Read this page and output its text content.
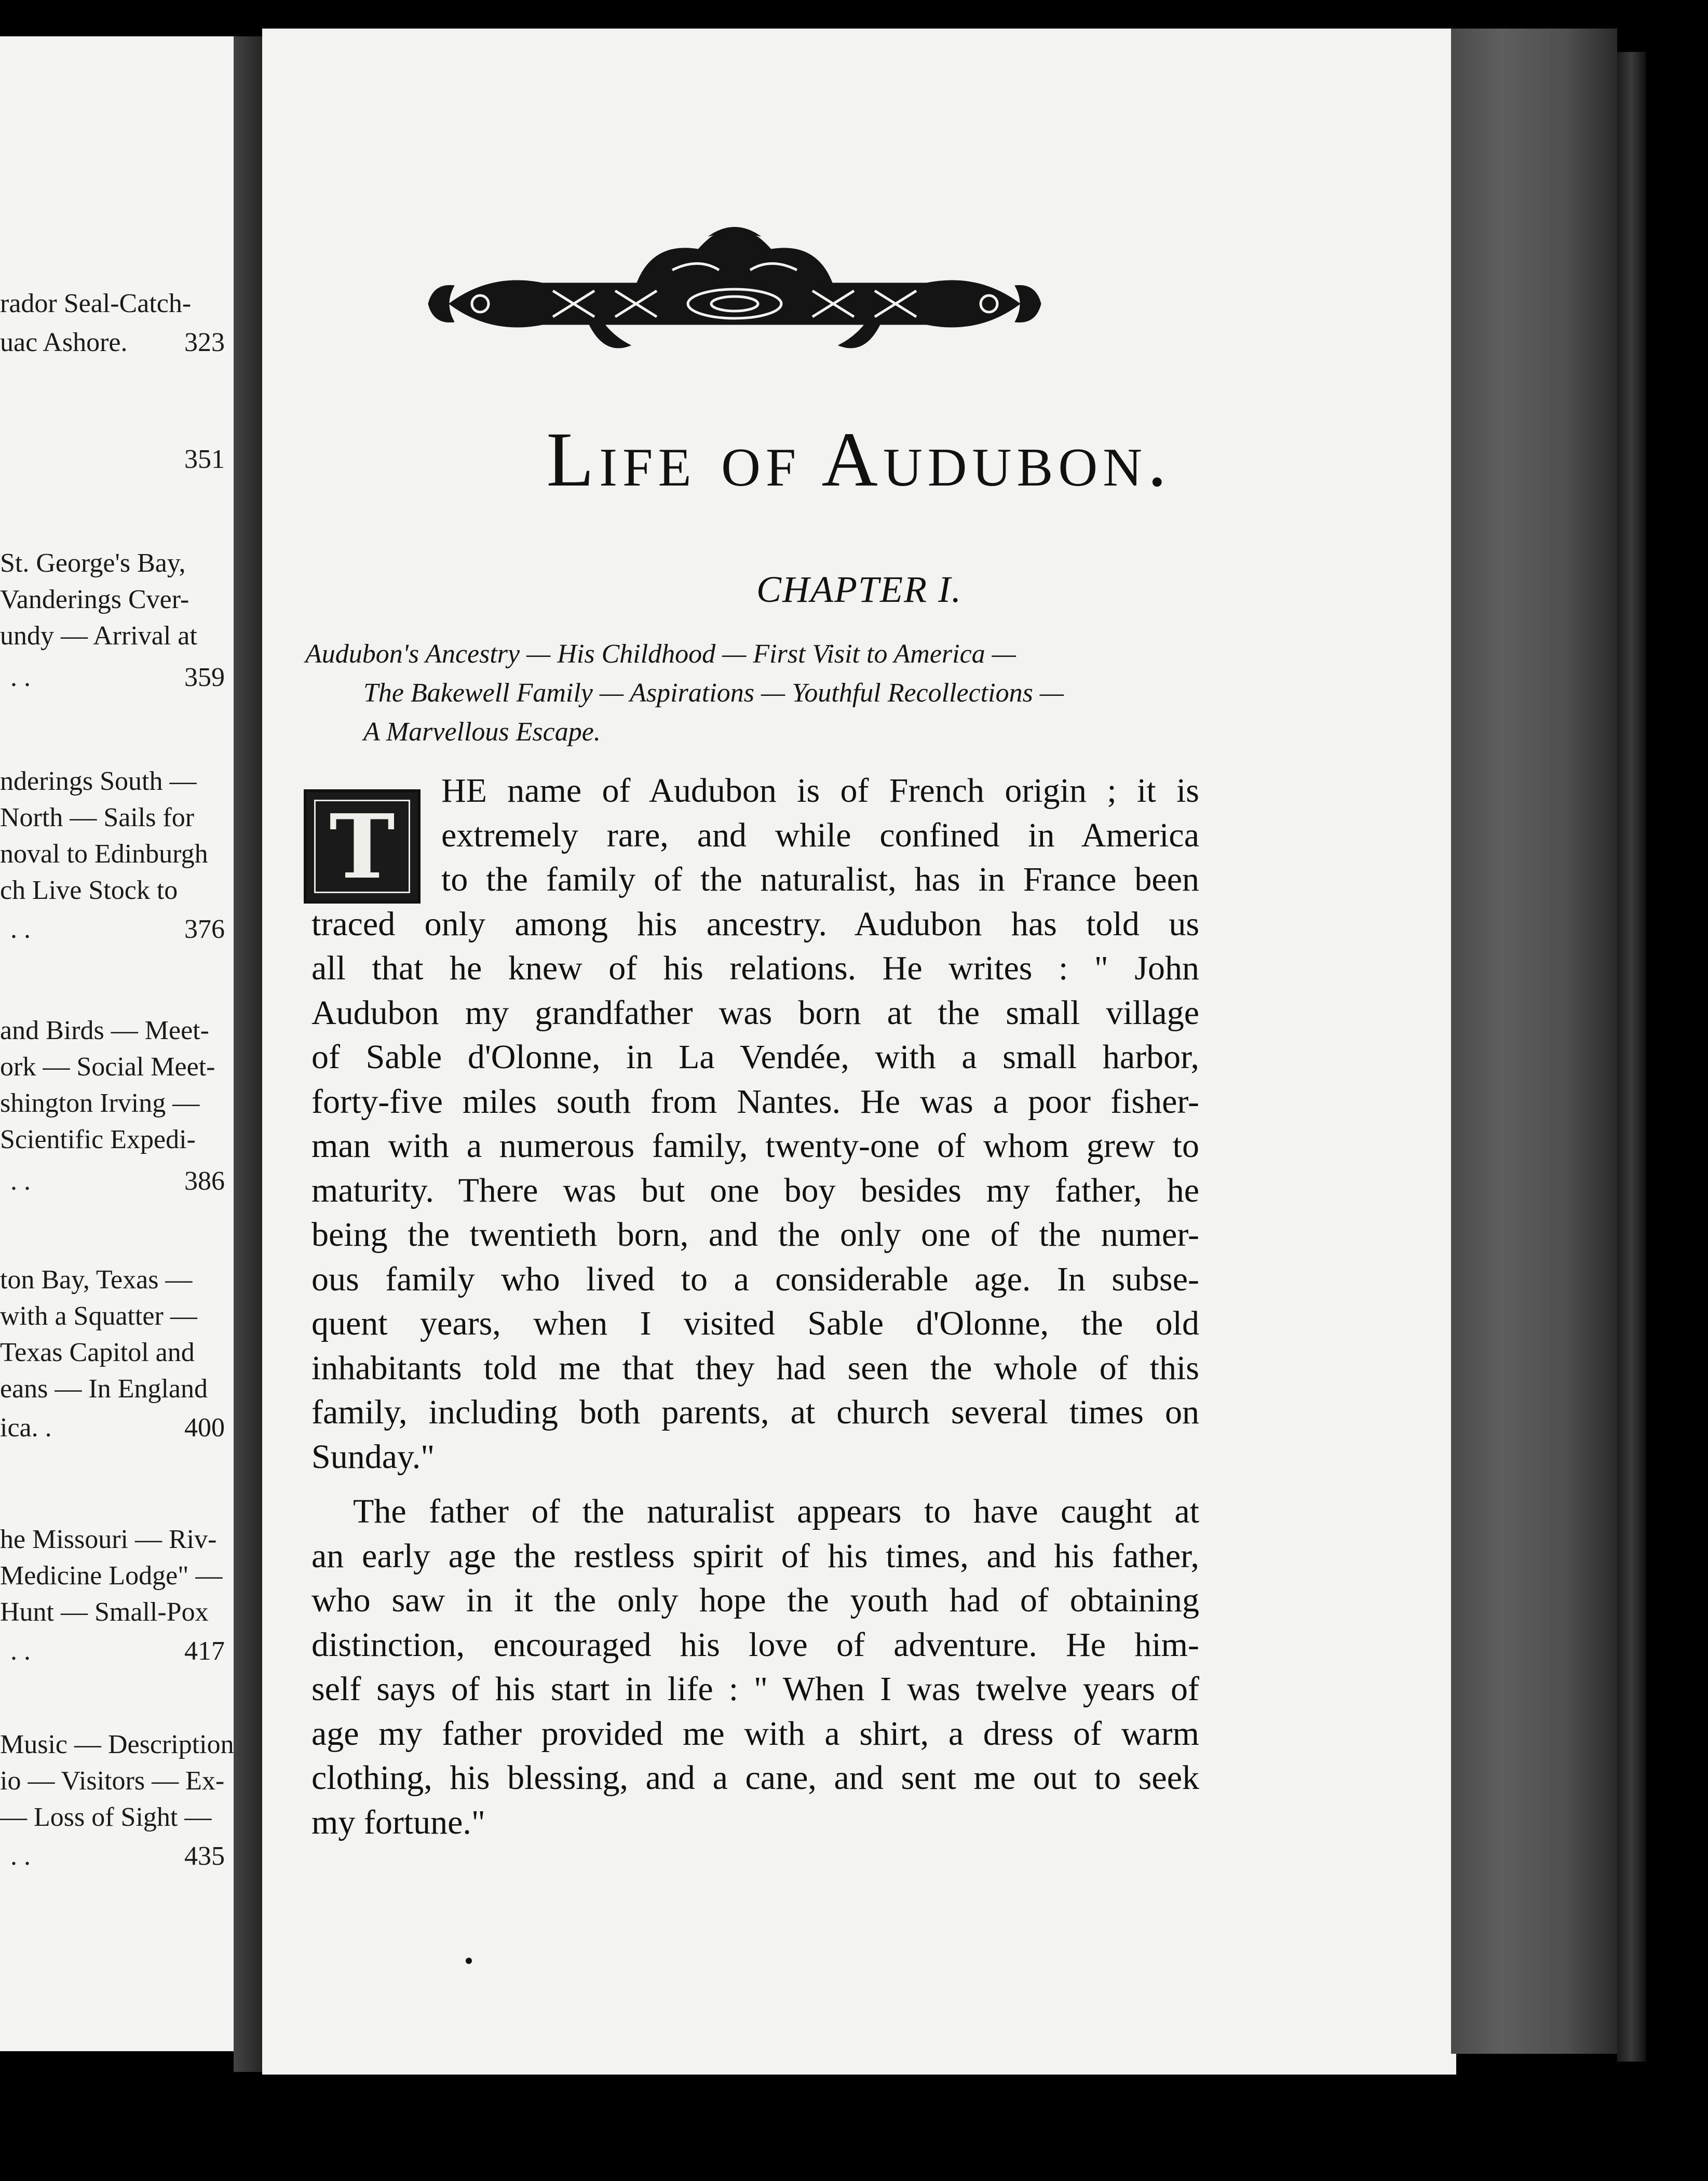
Life of Audubon.
CHAPTER I.
Audubon's Ancestry — His Childhood — First Visit to America —
The Bakewell Family — Aspirations — Youthful Recollections —
A Marvellous Escape.
T
HE name of Audubon is of French origin ; it is
extremely rare, and while confined in America
to the family of the naturalist, has in France been
traced only among his ancestry. Audubon has told us
all that he knew of his relations. He writes : " John
Audubon my grandfather was born at the small village
of Sable d'Olonne, in La Vendée, with a small harbor,
forty-five miles south from Nantes. He was a poor fisher-
man with a numerous family, twenty-one of whom grew to
maturity. There was but one boy besides my father, he
being the twentieth born, and the only one of the numer-
ous family who lived to a considerable age. In subse-
quent years, when I visited Sable d'Olonne, the old
inhabitants told me that they had seen the whole of this
family, including both parents, at church several times on
Sunday."
The father of the naturalist appears to have caught at
an early age the restless spirit of his times, and his father,
who saw in it the only hope the youth had of obtaining
distinction, encouraged his love of adventure. He him-
self says of his start in life : " When I was twelve years of
age my father provided me with a shirt, a dress of warm
clothing, his blessing, and a cane, and sent me out to seek
my fortune."
rador Seal-Catch-
uac Ashore. 323
351
St. George's Bay,
Vanderings Cver-
undy — Arrival at
. .	359
nderings South —
North — Sails for
noval to Edinburgh
ch Live Stock to
. .	376
and Birds — Meet-
ork — Social Meet-
shington Irving —
Scientific Expedi-
. .	386
ton Bay, Texas —
with a Squatter —
Texas Capitol and
eans — In England
ica. .	400
he Missouri — Riv-
Medicine Lodge" —
Hunt — Small-Pox
. .	417
Music — Description
io — Visitors — Ex-
— Loss of Sight —
. .	435
